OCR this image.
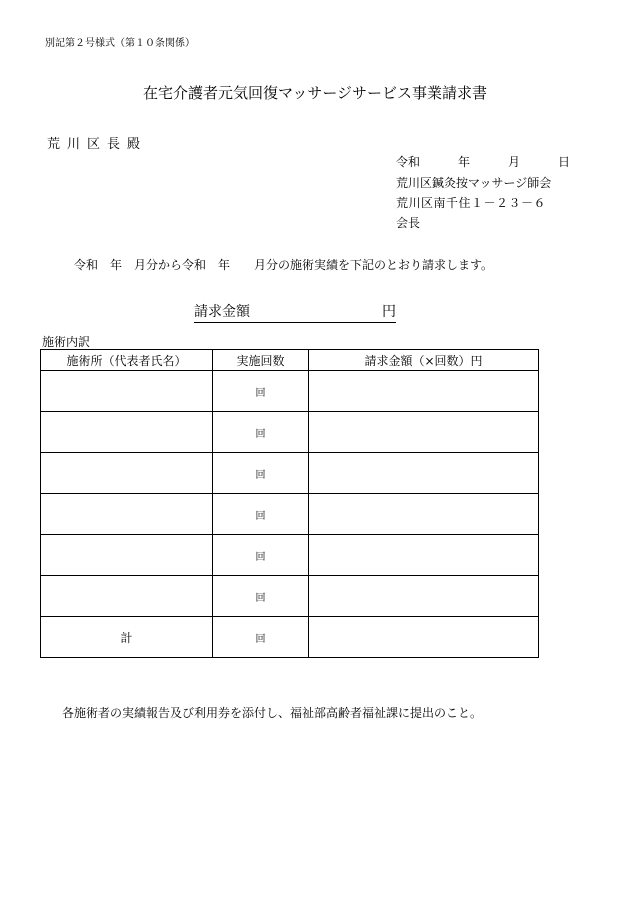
別記第２号様式（第１０条関係）
在宅介護者元気回復マッサージサービス事業請求書
荒川区長殿
令和	年	月	日
荒川区鍼灸按マッサージ師会
荒川区南千住１－２３－６
会長
令和　年　月分から令和　年　　月分の施術実績を下記のとおり請求します。
請求金額	円
施術内訳
施術所（代表者氏名）	実施回数	請求金額（×回数）円
	回	
	回	
	回	
	回	
	回	
	回	
計	回	
各施術者の実績報告及び利用券を添付し、福祉部高齢者福祉課に提出のこと。
